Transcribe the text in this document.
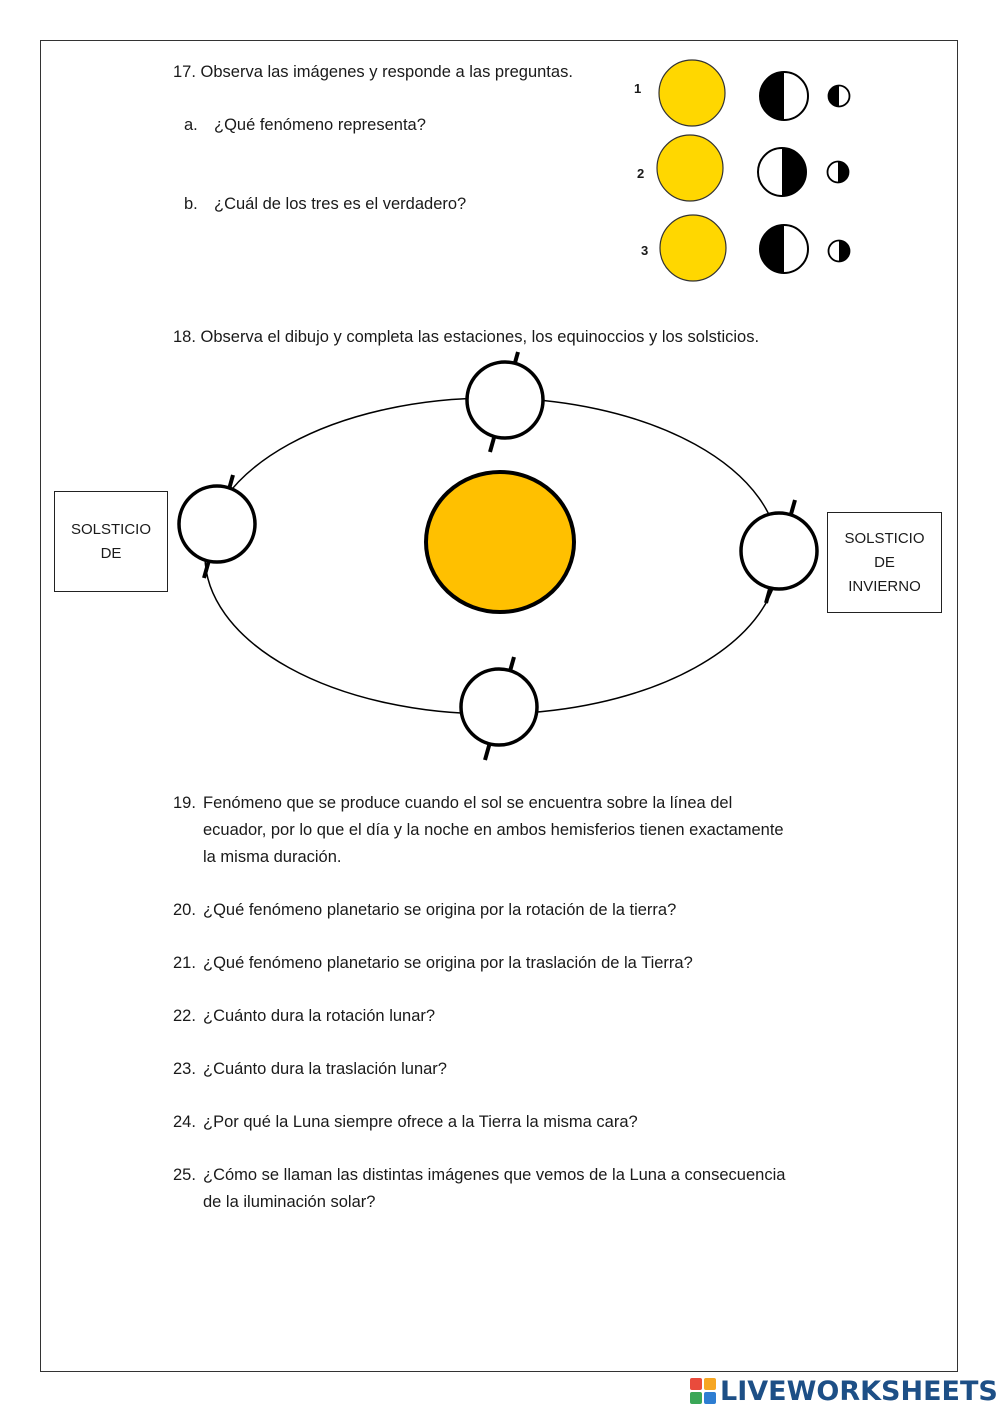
17. Observa las imágenes y responde a las preguntas.
a. ¿Qué fenómeno representa?
b. ¿Cuál de los tres es el verdadero?
1
2
3
18. Observa el dibujo y completa las estaciones, los equinoccios y los solsticios.
SOLSTICIO
DE
SOLSTICIO
DE
INVIERNO
19. Fenómeno que se produce cuando el sol se encuentra sobre la línea del
ecuador, por lo que el día y la noche en ambos hemisferios tienen exactamente
la misma duración.
20. ¿Qué fenómeno planetario se origina por la rotación de la tierra?
21. ¿Qué fenómeno planetario se origina por la traslación de la Tierra?
22. ¿Cuánto dura la rotación lunar?
23. ¿Cuánto dura la traslación lunar?
24. ¿Por qué la Luna siempre ofrece a la Tierra la misma cara?
25. ¿Cómo se llaman las distintas imágenes que vemos de la Luna a consecuencia
de la iluminación solar?
LIVEWORKSHEETS
